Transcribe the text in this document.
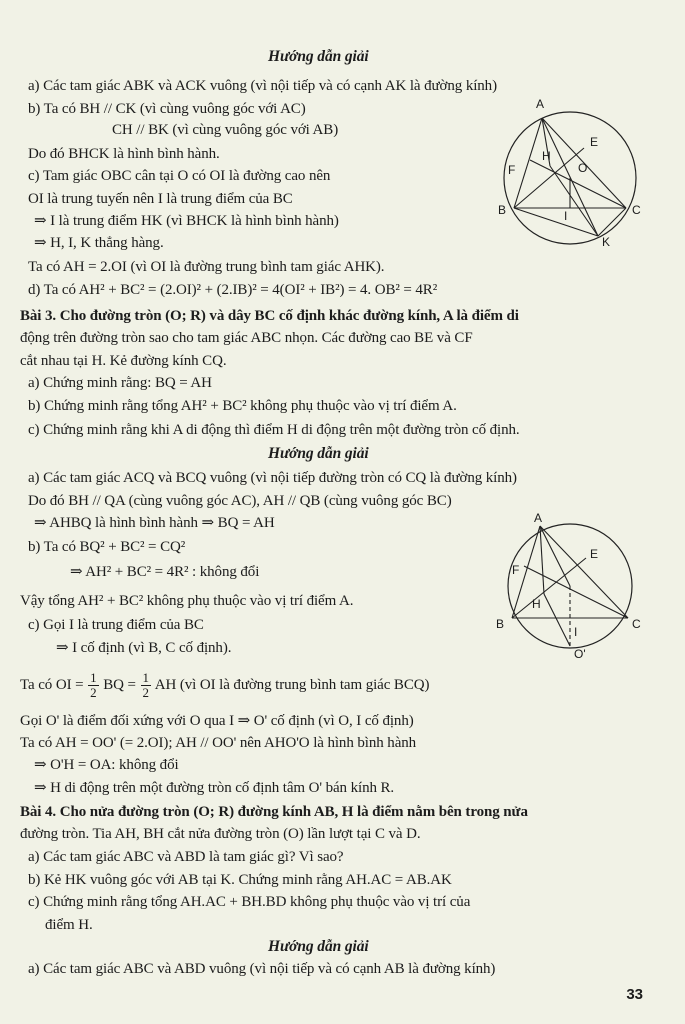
Hướng dẫn giải
a) Các tam giác ABK và ACK vuông (vì nội tiếp và có cạnh AK là đường kính)
b) Ta có BH // CK (vì cùng vuông góc với AC)
CH // BK (vì cùng vuông góc với AB)
Do đó BHCK là hình bình hành.
c) Tam giác OBC cân tại O có OI là đường cao nên
OI là trung tuyến nên I là trung điểm của BC
⇒ I là trung điểm HK (vì BHCK là hình bình hành)
⇒ H, I, K thẳng hàng.
Ta có AH = 2.OI (vì OI là đường trung bình tam giác AHK).
d) Ta có AH² + BC² = (2.OI)² + (2.IB)² = 4(OI² + IB²) = 4. OB² = 4R²
Bài 3. Cho đường tròn (O; R) và dây BC cố định khác đường kính, A là điểm di
động trên đường tròn sao cho tam giác ABC nhọn. Các đường cao BE và CF
cắt nhau tại H. Kẻ đường kính CQ.
a) Chứng minh rằng: BQ = AH
b) Chứng minh rằng tổng AH² + BC² không phụ thuộc vào vị trí điểm A.
c) Chứng minh rằng khi A di động thì điểm H di động trên một đường tròn cố định.
Hướng dẫn giải
a) Các tam giác ACQ và BCQ vuông (vì nội tiếp đường tròn có CQ là đường kính)
Do đó BH // QA (cùng vuông góc AC), AH // QB (cùng vuông góc BC)
⇒ AHBQ là hình bình hành ⇒ BQ = AH
b) Ta có BQ² + BC² = CQ²
⇒ AH² + BC² = 4R² : không đổi
Vậy tổng AH² + BC² không phụ thuộc vào vị trí điểm A.
c) Gọi I là trung điểm của BC
⇒ I cố định (vì B, C cố định).
Gọi O' là điểm đối xứng với O qua I ⇒ O' cố định (vì O, I cố định)
Ta có AH = OO' (= 2.OI); AH // OO' nên AHO'O là hình bình hành
⇒ O'H = OA: không đổi
⇒ H di động trên một đường tròn cố định tâm O' bán kính R.
Bài 4. Cho nửa đường tròn (O; R) đường kính AB, H là điểm nằm bên trong nửa
đường tròn. Tia AH, BH cắt nửa đường tròn (O) lần lượt tại C và D.
a) Các tam giác ABC và ABD là tam giác gì? Vì sao?
b) Kẻ HK vuông góc với AB tại K. Chứng minh rằng AH.AC = AB.AK
c) Chứng minh rằng tổng AH.AC + BH.BD không phụ thuộc vào vị trí của
điểm H.
Hướng dẫn giải
a) Các tam giác ABC và ABD vuông (vì nội tiếp và có cạnh AB là đường kính)
Ta có OI = $\frac{1}{2}$ BQ = $\frac{1}{2}$ AH (vì OI là đường trung bình tam giác BCQ)
A
E
H
O
F
I
B	C
K
A
E
F
H
I
B	C
O'
33
